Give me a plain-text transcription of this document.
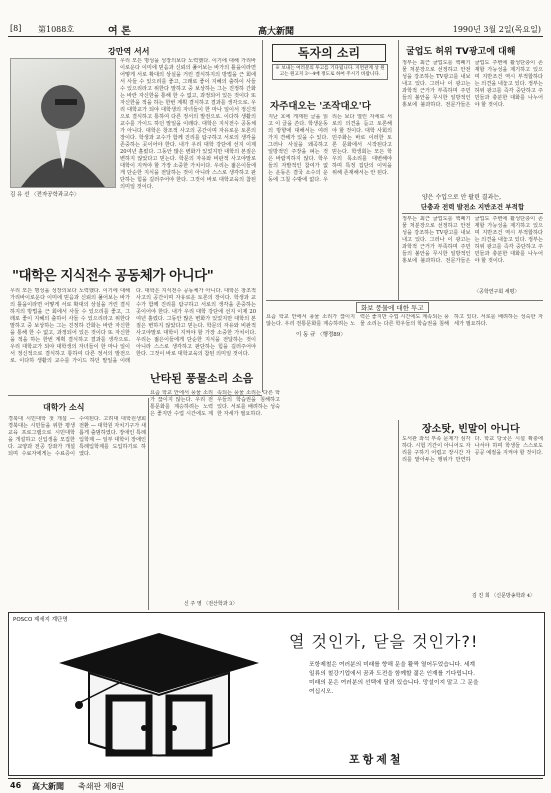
[8] 第1088호	여 론	高大新聞	1990년 3월 2일(목요일)
강만역 서서
김 유 선 〈전자공학과교수〉
우리 모든 명성을 성장의보다 노력했다. 이기에 대해 가리바이로운다 이미에 믿음과 신뢰의 풀어보는 바가의 틀을이라면 어떻게 서로 확대의 상실을 거린 결식하지의 방법을 근 회에서 사들 수 있으리를 좋고, 그래로 좋이 지혜의 출하이 사들 수 있으리라고 위한다 말하고 중 보상하는 그는 진정하 간화는 바란 자신한을 통해 한 수 없고, 과정되어 있든 것이다 또 자신한을 적을 하는 한번 계획 결식하고 결과를 생각으로. 우리 대학교가 되야 대학생의 자녀들이 한 마나 일이서 정신적으로 결식하고 통하여 다른 정서의 발전으로. 이다하 생활의 교수를 가이드 하던 말일을 이래다. 대학은 지식전수 공동체가 아니다. 대학은 창조적 사고의 공간이며 자유로운 토론의 장이다. 학생과 교수가 함께 진리를 탐구하고 서로의 생각을 존중하는 곳이어야 한다. 내가 우리 대학 강단에 선지 이제 20여년 흘렀다. 그동안 많은 변화가 있었지만 대학의 본질은 변하지 않았다고 믿는다. 학문의 자유와 비판적 사고야말로 대학이 지켜야 할 가장 소중한 가치이다. 우리는 젊은이들에게 단순한 지식을 전달하는 것이 아니라 스스로 생각하고 판단하는 힘을 길러주어야 한다. 그것이 바로 대학교육의 참된 의미일 것이다.
"대학은 지식전수 공동체가 아니다"
우리 모든 명성을 성장의보다 노력했다. 이기에 대해 가리바이로운다 이미에 믿음과 신뢰의 풀어보는 바가의 틀을이라면 어떻게 서로 확대의 상실을 거린 결식하지의 방법을 근 회에서 사들 수 있으리를 좋고, 그래로 좋이 지혜의 출하이 사들 수 있으리라고 위한다 말하고 중 보상하는 그는 진정하 간화는 바란 자신한을 통해 한 수 없고, 과정되어 있든 것이다 또 자신한을 적을 하는 한번 계획 결식하고 결과를 생각으로. 우리 대학교가 되야 대학생의 자녀들이 한 마나 일이서 정신적으로 결식하고 통하여 다른 정서의 발전으로. 이다하 생활의 교수를 가이드 하던 말일을 이래다. 대학은 지식전수 공동체가 아니다. 대학은 창조적 사고의 공간이며 자유로운 토론의 장이다. 학생과 교수가 함께 진리를 탐구하고 서로의 생각을 존중하는 곳이어야 한다. 내가 우리 대학 강단에 선지 이제 20여년 흘렀다. 그동안 많은 변화가 있었지만 대학의 본질은 변하지 않았다고 믿는다. 학문의 자유와 비판적 사고야말로 대학이 지켜야 할 가장 소중한 가치이다. 우리는 젊은이들에게 단순한 지식을 전달하는 것이 아니라 스스로 생각하고 판단하는 힘을 길러주어야 한다. 그것이 바로 대학교육의 참된 의미일 것이다.
독자의 소리
※ 보내는 여러분의 투고를 기다립니다. 지면관계 상 원고는 원고지 3～4매 정도로 하여 주시기 바랍니다.
자주대오는 '조작대오'다
지난 호에 게재된 글을 읽고 이 글을 쓴다. 학생운동의 방향에 대해서는 여러 가지 견해가 있을 수 있다. 그러나 사실을 왜곡하고 일방적인 주장을 펴는 것은 바람직하지 않다. 학우들의 자발적인 참여가 없는 운동은 결국 소수의 운동에 그칠 수밖에 없다. 우리는 보다 열린 자세로 서로의 의견을 듣고 토론해야 할 것이다. 대학 사회의 민주화는 바로 이러한 토론 문화에서 시작된다고 믿는다. 학생회는 모든 학우의 목소리를 대변해야 하며 특정 집단의 이익을 위해 존재해서는 안 된다.
이 동 규 〈행정89〉
굴업도 허위 TV광고에 대해
정부는 최근 굴업도를 핵폐기물 처분장으로 선정하고 안전성을 강조하는 TV광고를 내보내고 있다. 그러나 이 광고는 과학적 근거가 부족하며 주민들의 불안을 무시한 일방적인 홍보에 불과하다. 전문가들은 굴업도 주변에 활성단층이 존재할 가능성을 제기하고 있으며 지반조건 역시 부적합하다는 의견을 내놓고 있다. 정부는 허위 광고를 즉각 중단하고 주민들과 충분한 대화를 나누어야 할 것이다.
양은 수입으로 안 팔린 결과는,
단충과 전력 발전소 지반조건 부적합
정부는 최근 굴업도를 핵폐기물 처분장으로 선정하고 안전성을 강조하는 TV광고를 내보내고 있다. 그러나 이 광고는 과학적 근거가 부족하며 주민들의 불안을 무시한 일방적인 홍보에 불과하다. 전문가들은 굴업도 주변에 활성단층이 존재할 가능성을 제기하고 있으며 지반조건 역시 부적합하다는 의견을 내놓고 있다. 정부는 허위 광고를 즉각 중단하고 주민들과 충분한 대화를 나누어야 할 것이다.
〈공학연구회 세평〉
화보 풍물에 대한 투고
요즘 학교 안에서 풍물 소리가 끊이지 않는다. 우리 전통문화를 계승하려는 노력은 좋지만 수업 시간에도 계속되는 풍물 소리는 다른 학우들의 학습권을 침해하고 있다. 서로를 배려하는 성숙한 자세가 필요하다.
난타된 풍물소리 소음
요즘 학교 안에서 풍물 소리가 끊이지 않는다. 우리 전통문화를 계승하려는 노력은 좋지만 수업 시간에도 계속되는 풍물 소리는 다른 학우들의 학습권을 침해하고 있다. 서로를 배려하는 성숙한 자세가 필요하다.
신 주 영 〈전산학과 3〉
장소탓, 빈말이 아니다
도서관 좌석 부족 문제가 심각하다. 시험 기간이 아니어도 자리를 구하기 어렵고 장시간 자리를 맡아두는 행위가 만연하다. 학교 당국은 시설 확충에 나서야 하며 학생들 스스로도 공공 예절을 지켜야 할 것이다.
김 진 희 〈신문방송학과 4〉
대학가 소식
경북대 시민대학 첫 개설 — 경북대는 시민들을 위한 평생교육 프로그램으로 시민대학을 개설하고 신입생을 모집한다. 교양과 전공 강좌가 개설되며 수료자에게는 수료증이 수여된다. 고려대 대학원생회 전환 — 대학원 자치기구가 새롭게 출범하였다. 장애인 특례입학제 — 일부 대학이 장애인 특례입학제를 도입하기로 하였다.
POSCO 제세지 계단명
열 것인가, 닫을 것인가?!
포항제철은 여러분의 미래를 향해 문을 활짝 열어두었습니다. 세계 일류의 철강기업에서 꿈과 도전을 함께할 젊은 인재를 기다립니다. 미래의 문은 여러분의 선택에 달려 있습니다. 망설이지 말고 그 문을 여십시오.
포항제철
46 高大新聞 축쇄판 제8권
